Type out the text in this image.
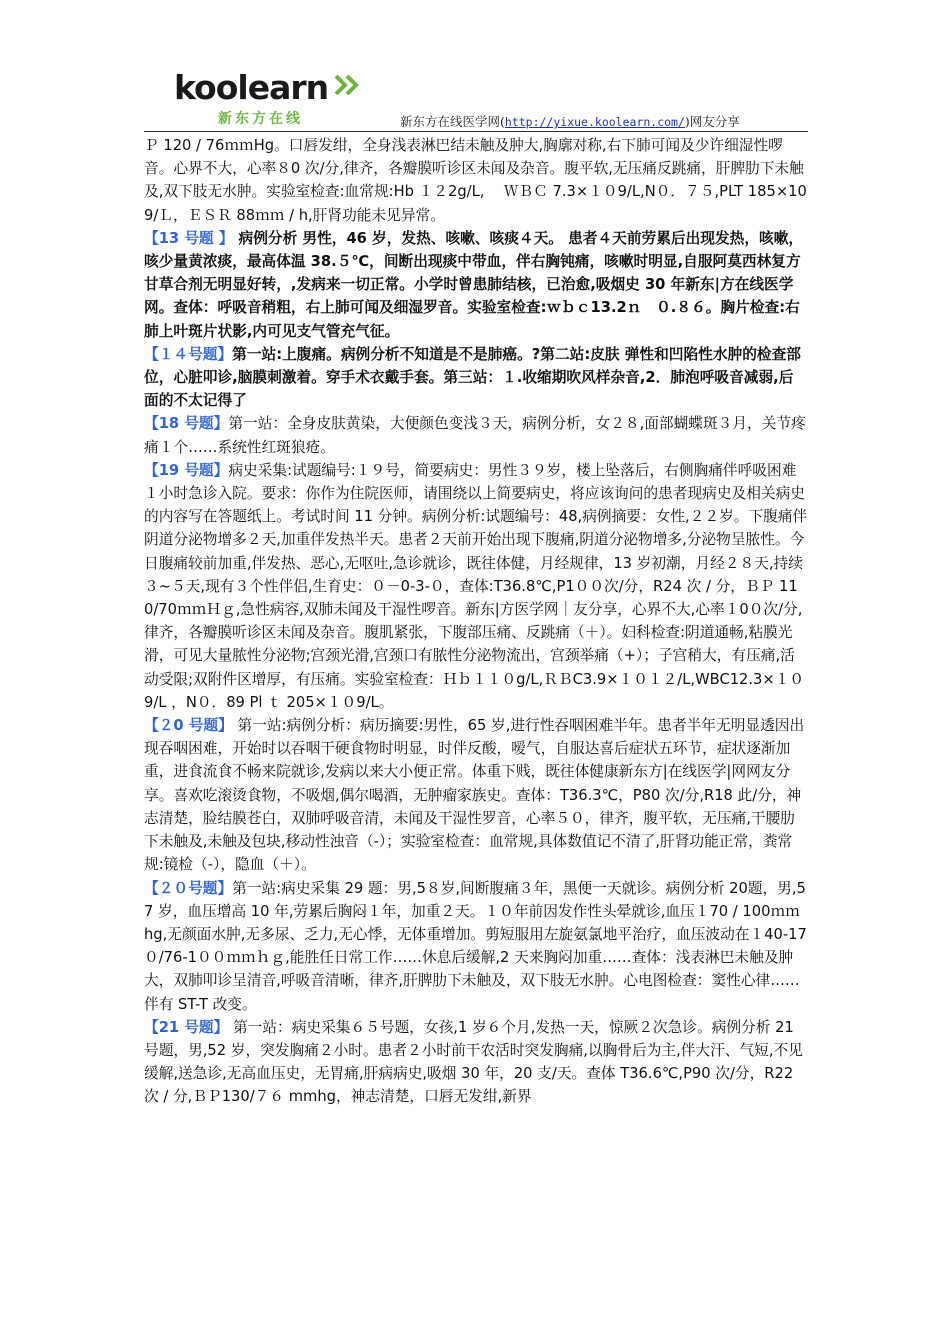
koolearn
新东方在线	新东方在线医学网(http://yixue.koolearn.com/)网友分享

Ｐ 120 / 76ｍｍHg。口唇发绀，全身浅表淋巴结未触及肿大,胸廓对称,右下肺可闻及少许细湿性啰音。心界不大，心率８0 次/分,律齐，各瓣膜听诊区未闻及杂音。腹平软,无压痛反跳痛，肝脾肋下未触及,双下肢无水肿。实验室检查:血常规:Hb １２2g/L,　 ＷＢＣ 7.3×１０9/L,N０．７５,PLT 185×109/Ｌ，ＥＳＲ 88ｍｍ / h,肝肾功能未见异常。

【13 号题 】 病例分析 男性，46 岁，发热、咳嗽、咳痰４天。 患者４天前劳累后出现发热，咳嗽，咳少量黄浓痰，最高体温 38.５℃，间断出现痰中带血，伴右胸钝痛，咳嗽时明显,自服阿莫西林复方甘草合剂无明显好转，,发病来一切正常。小学时曾患肺结核，已治愈,吸烟史 30 年新东|方在线医学网。查体：呼吸音稍粗，右上肺可闻及细湿罗音。实验室检查:ｗｂｃ13.2ｎ　０.８６。胸片检查:右肺上叶斑片状影,内可见支气管充气征。

【１４号题】第一站:上腹痛。病例分析不知道是不是肺癌。?第二站:皮肤 弹性和凹陷性水肿的检查部位，心脏叩诊,脑膜刺激着。穿手术衣戴手套。第三站：１.收缩期吹风样杂音,2．肺泡呼吸音减弱,后面的不太记得了

【18 号题】第一站：全身皮肤黄染，大便颜色变浅３天，病例分析，女２８,面部蝴蝶斑３月，关节疼痛１个……系统性红斑狼疮。

【19 号题】病史采集:试题编号:１９号，简要病史：男性３９岁，楼上坠落后，右侧胸痛伴呼吸困难 １小时急诊入院。要求：你作为住院医师，请围绕以上简要病史，将应该询问的患者现病史及相关病史的内容写在答题纸上。考试时间 11 分钟。病例分析:试题编号：48,病例摘要：女性,２２岁。下腹痛伴阴道分泌物增多２天,加重伴发热半天。患者２天前开始出现下腹痛,阴道分泌物增多,分泌物呈脓性。今日腹痛较前加重,伴发热、恶心,无呕吐,急诊就诊，既往体健，月经规律，13 岁初潮，月经２８天,持续３~５天,现有３个性伴侣,生育史：０－0-3-０，查体:T36.8℃,P1００次/分，R24 次 / 分，ＢＰ 110/70ｍｍＨｇ,急性病容,双肺未闻及干湿性啰音。新东|方医学网｜友分享，心界不大,心率１0０次/分,律齐，各瓣膜听诊区未闻及杂音。腹肌紧张，下腹部压痛、反跳痛（＋）。妇科检查:阴道通畅,粘膜光滑，可见大量脓性分泌物;宫颈光滑,宫颈口有脓性分泌物流出，宫颈举痛（+）；子宫稍大，有压痛,活动受限;双附件区增厚，有压痛。实验室检查：Ｈｂ１１０g/L,ＲＢC3.9×１０１２/L,WBC12.3×１０9/L ，N０．89 Pl ｔ 205×１０9/L。

【２0 号题】 第一站:病例分析：病历摘要:男性，65 岁,进行性吞咽困难半年。患者半年无明显透因出现吞咽困难，开始时以吞咽干硬食物时明显，时伴反酸，嗳气，自服达喜后症状五环节，症状逐渐加重，进食流食不畅来院就诊,发病以来大小便正常。体重下贱，既往体健康新东方|在线医学|网网友分享。喜欢吃滚烫食物，不吸烟,偶尔喝酒，无肿瘤家族史。查体：T36.3℃，P80 次/分,R18 此/分，神志清楚，脸结膜苍白，双肺呼吸音清，未闻及干湿性罗音，心率５０，律齐，腹平软，无压痛,干腰肋下未触及,未触及包块,移动性浊音（-）；实验室检查：血常规,具体数值记不清了,肝肾功能正常，粪常规:镜检（-），隐血（＋）。

【２０号题】第一站:病史采集 29 题：男,5８岁,间断腹痛３年，黑便一天就诊。病例分析 20题，男,57 岁，血压增高 10 年,劳累后胸闷１年，加重２天。１０年前因发作性头晕就诊,血压１70 / 100ｍｍhg,无颜面水肿,无多尿、乏力,无心悸，无体重增加。剪短服用左旋氨氯地平治疗，血压波动在１40-17０/76-1００ｍｍｈｇ,能胜任日常工作……休息后缓解,2 天来胸闷加重……查体：浅表淋巴未触及肿大，双肺叩诊呈清音,呼吸音清晰，律齐,肝脾肋下未触及，双下肢无水肿。心电图检查：窦性心律……伴有 ST-T 改变。

【21 号题】 第一站：病史采集６５号题，女孩,1 岁６个月,发热一天，惊厥２次急诊。病例分析 21 号题，男,52 岁，突发胸痛２小时。患者２小时前干农活时突发胸痛,以胸骨后为主,伴大汗、气短,不见缓解,送急诊,无高血压史，无胃痛,肝病病史,吸烟 30 年，20 支/天。查体 T36.6℃,P90 次/分，R22 次 / 分,ＢＰ130/７６ mmhg，神志清楚，口唇无发绀,新界
